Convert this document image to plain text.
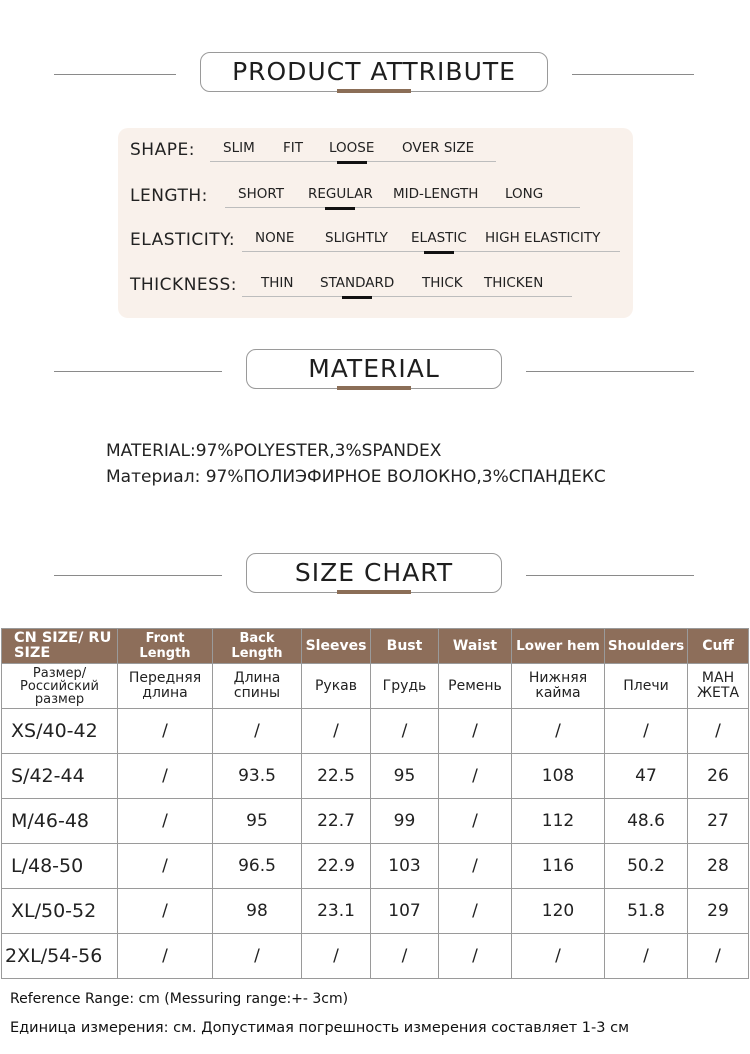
PRODUCT ATTRIBUTE
SHAPE: SLIM FIT LOOSE OVER SIZE
LENGTH: SHORT REGULAR MID-LENGTH LONG
ELASTICITY: NONE SLIGHTLY ELASTIC HIGH ELASTICITY
THICKNESS: THIN STANDARD THICK THICKEN
MATERIAL
MATERIAL:97%POLYESTER,3%SPANDEX
Материал: 97%ПОЛИЭФИРНОЕ ВОЛОКНО,3%СПАНДЕКС
SIZE CHART
CN SIZE/ RU SIZE	Front Length	Back Length	Sleeves	Bust	Waist	Lower hem	Shoulders	Cuff
Размер/ Российский размер	Передняя длина	Длина спины	Рукав	Грудь	Ремень	Нижняя кайма	Плечи	МАН ЖЕТА
XS/40-42	/	/	/	/	/	/	/	/
S/42-44	/	93.5	22.5	95	/	108	47	26
M/46-48	/	95	22.7	99	/	112	48.6	27
L/48-50	/	96.5	22.9	103	/	116	50.2	28
XL/50-52	/	98	23.1	107	/	120	51.8	29
2XL/54-56	/	/	/	/	/	/	/	/
Reference Range: cm (Messuring range:+- 3cm)
Единица измерения: см. Допустимая погрешность измерения составляет 1-3 см
